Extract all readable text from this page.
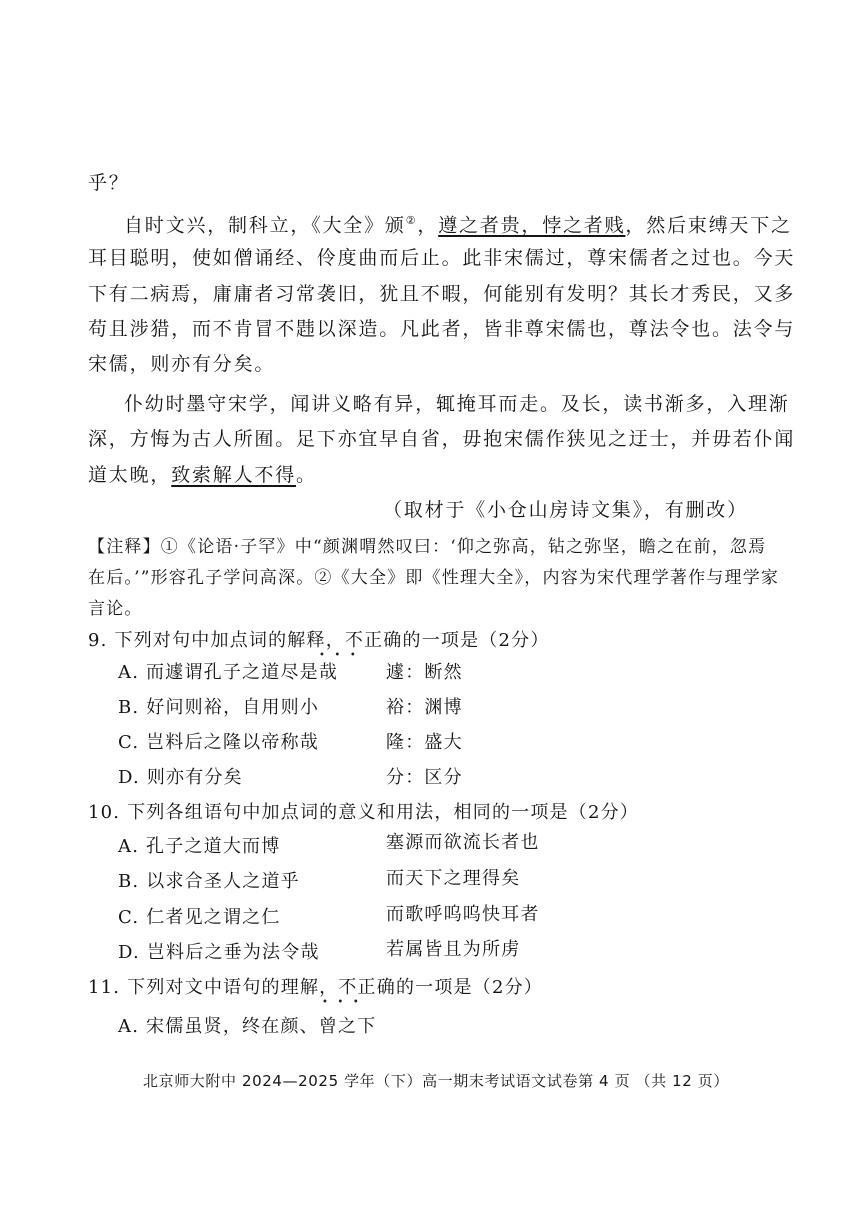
乎？
自时文兴，制科立，《大全》颁②，遵之者贵，悖之者贱，然后束缚天下之
耳目聪明，使如僧诵经、伶度曲而后止。此非宋儒过，尊宋儒者之过也。今天
下有二病焉，庸庸者习常袭旧，犹且不暇，何能别有发明？其长才秀民，又多
苟且涉猎，而不肯冒不韪以深造。凡此者，皆非尊宋儒也，尊法令也。法令与
宋儒，则亦有分矣。
仆幼时墨守宋学，闻讲义略有异，辄掩耳而走。及长，读书渐多，入理渐
深，方悔为古人所囿。足下亦宜早自省，毋抱宋儒作狭见之迂士，并毋若仆闻
道太晚，致索解人不得。
（取材于《小仓山房诗文集》，有删改）
【注释】①《论语·子罕》中“颜渊喟然叹曰：‘仰之弥高，钻之弥坚，瞻之在前，忽焉
在后。’”形容孔子学问高深。②《大全》即《性理大全》，内容为宋代理学著作与理学家
言论。
9. 下列对句中加点词的解释，不正确的一项是（2分）
•   •   •
A. 而遽谓孔子之道尽是哉	遽：断然
B. 好问则裕，自用则小	裕：渊博
C. 岂料后之隆以帝称哉	隆：盛大
D. 则亦有分矣	分：区分
10. 下列各组语句中加点词的意义和用法，相同的一项是（2分）
A. 孔子之道大而博	塞源而欲流长者也
B. 以求合圣人之道乎	而天下之理得矣
C. 仁者见之谓之仁	而歌呼呜呜快耳者
D. 岂料后之垂为法令哉	若属皆且为所虏
11. 下列对文中语句的理解，不正确的一项是（2分）
•   •   •
A. 宋儒虽贤，终在颜、曾之下
北京师大附中 2024—2025 学年（下）高一期末考试语文试卷第 4 页 （共 12 页）
